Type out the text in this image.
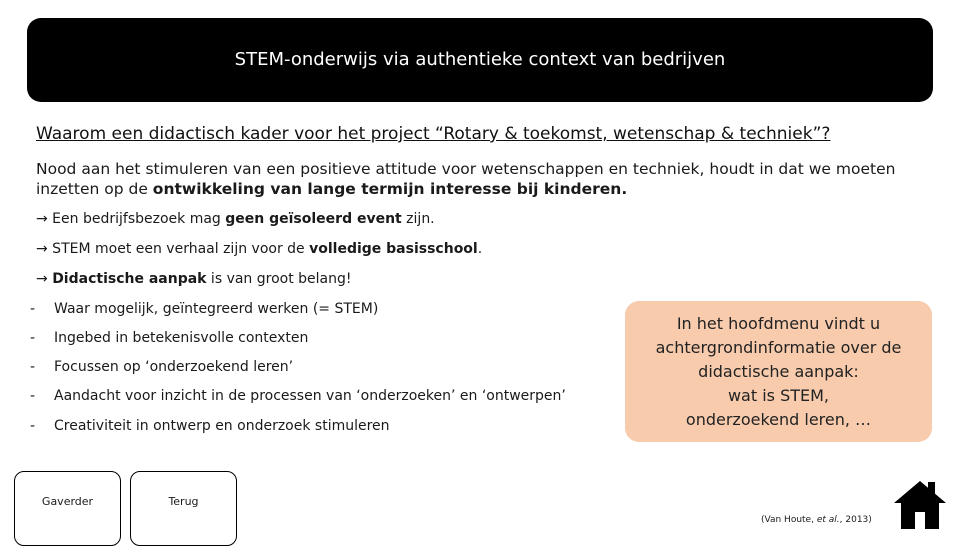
STEM-onderwijs via authentieke context van bedrijven
Waarom een didactisch kader voor het project “Rotary & toekomst, wetenschap & techniek”?
Nood aan het stimuleren van een positieve attitude voor wetenschappen en techniek, houdt in dat we moeten inzetten op de ontwikkeling van lange termijn interesse bij kinderen.
→ Een bedrijfsbezoek mag geen geïsoleerd event zijn.
→ STEM moet een verhaal zijn voor de volledige basisschool.
→ Didactische aanpak is van groot belang!
- Waar mogelijk, geïntegreerd werken (= STEM)
- Ingebed in betekenisvolle contexten
- Focussen op ‘onderzoekend leren’
- Aandacht voor inzicht in de processen van ‘onderzoeken’ en ‘ontwerpen’
- Creativiteit in ontwerp en onderzoek stimuleren
In het hoofdmenu vindt u
achtergrondinformatie over de
didactische aanpak:
wat is STEM,
onderzoekend leren, …
Gaverder	Terug
(Van Houte, et al., 2013)
